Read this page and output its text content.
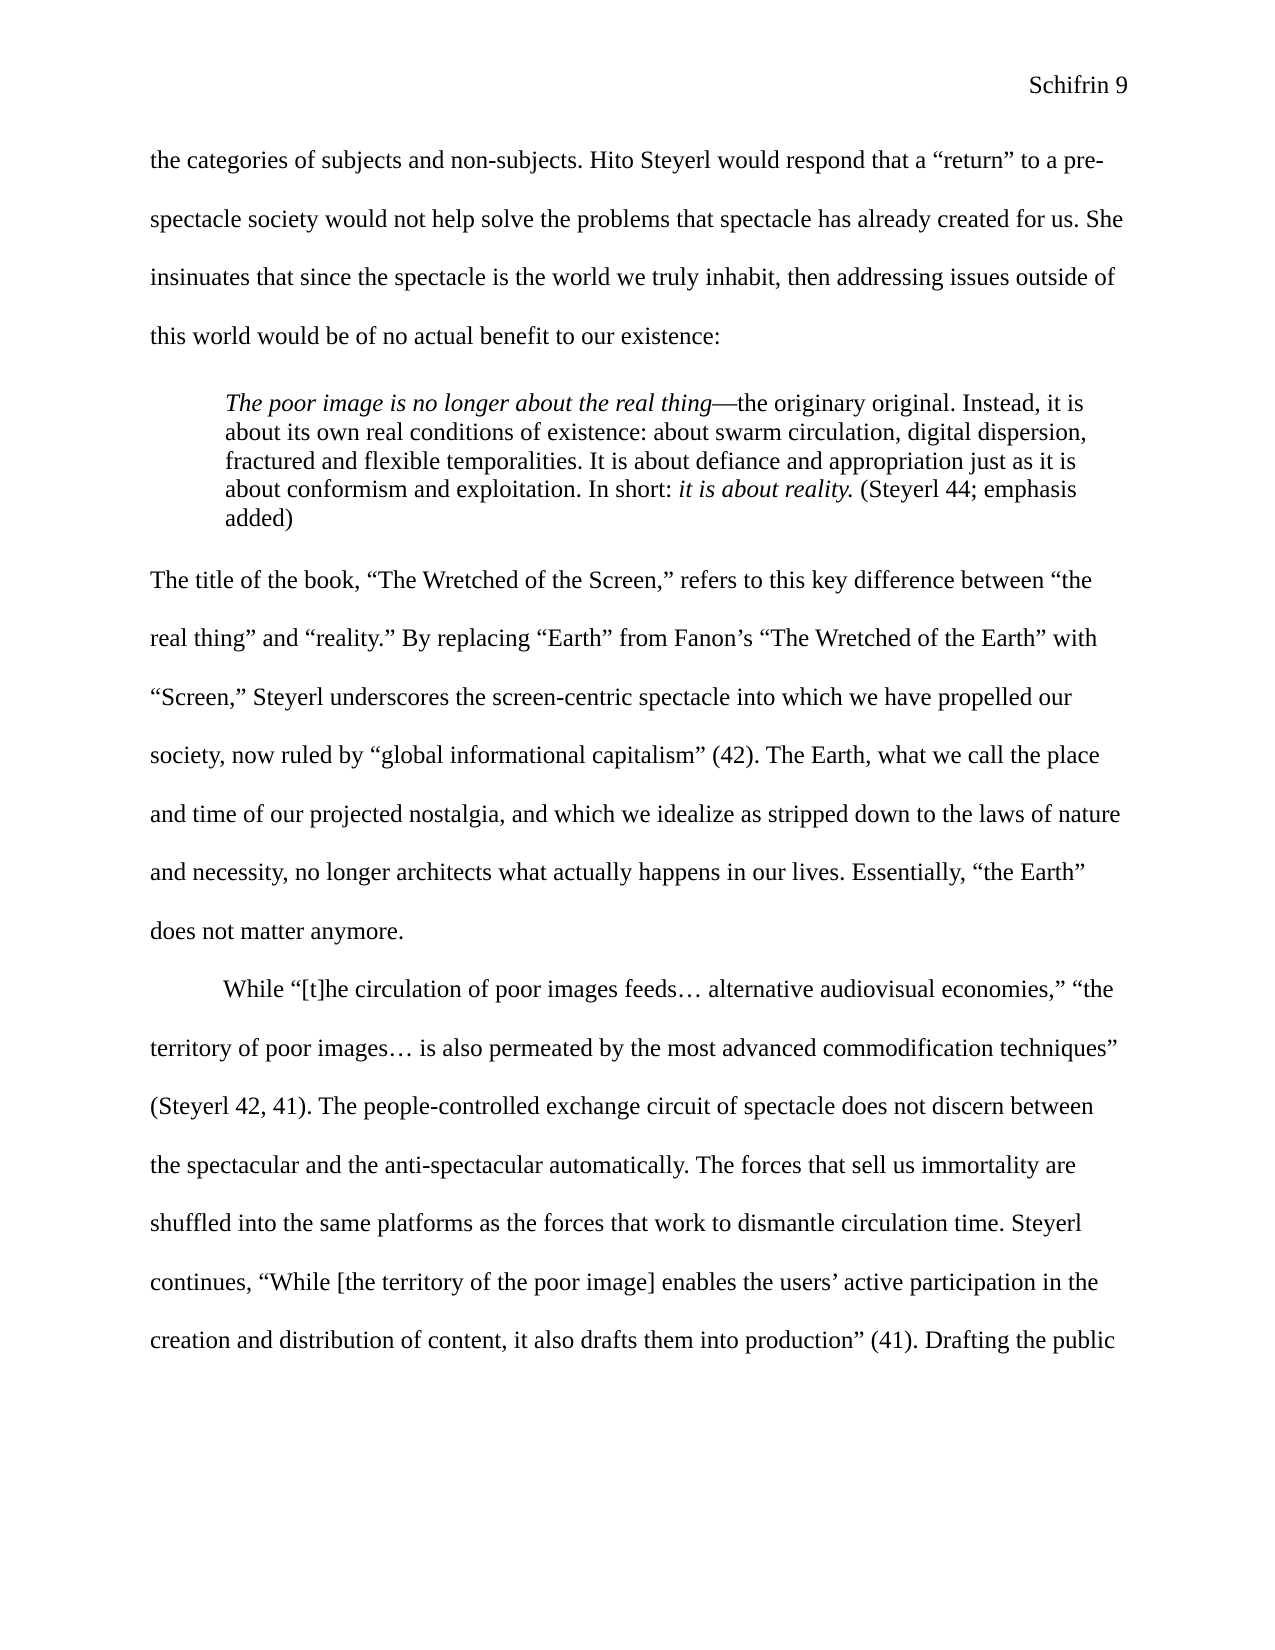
Schifrin 9

the categories of subjects and non-subjects. Hito Steyerl would respond that a “return” to a pre-spectacle society would not help solve the problems that spectacle has already created for us. She insinuates that since the spectacle is the world we truly inhabit, then addressing issues outside of this world would be of no actual benefit to our existence:

The poor image is no longer about the real thing—the originary original. Instead, it is about its own real conditions of existence: about swarm circulation, digital dispersion, fractured and flexible temporalities. It is about defiance and appropriation just as it is about conformism and exploitation. In short: it is about reality. (Steyerl 44; emphasis added)

The title of the book, “The Wretched of the Screen,” refers to this key difference between “the real thing” and “reality.” By replacing “Earth” from Fanon’s “The Wretched of the Earth” with “Screen,” Steyerl underscores the screen-centric spectacle into which we have propelled our society, now ruled by “global informational capitalism” (42). The Earth, what we call the place and time of our projected nostalgia, and which we idealize as stripped down to the laws of nature and necessity, no longer architects what actually happens in our lives. Essentially, “the Earth” does not matter anymore.

While “[t]he circulation of poor images feeds… alternative audiovisual economies,” “the territory of poor images… is also permeated by the most advanced commodification techniques” (Steyerl 42, 41). The people-controlled exchange circuit of spectacle does not discern between the spectacular and the anti-spectacular automatically. The forces that sell us immortality are shuffled into the same platforms as the forces that work to dismantle circulation time. Steyerl continues, “While [the territory of the poor image] enables the users’ active participation in the creation and distribution of content, it also drafts them into production” (41). Drafting the public
